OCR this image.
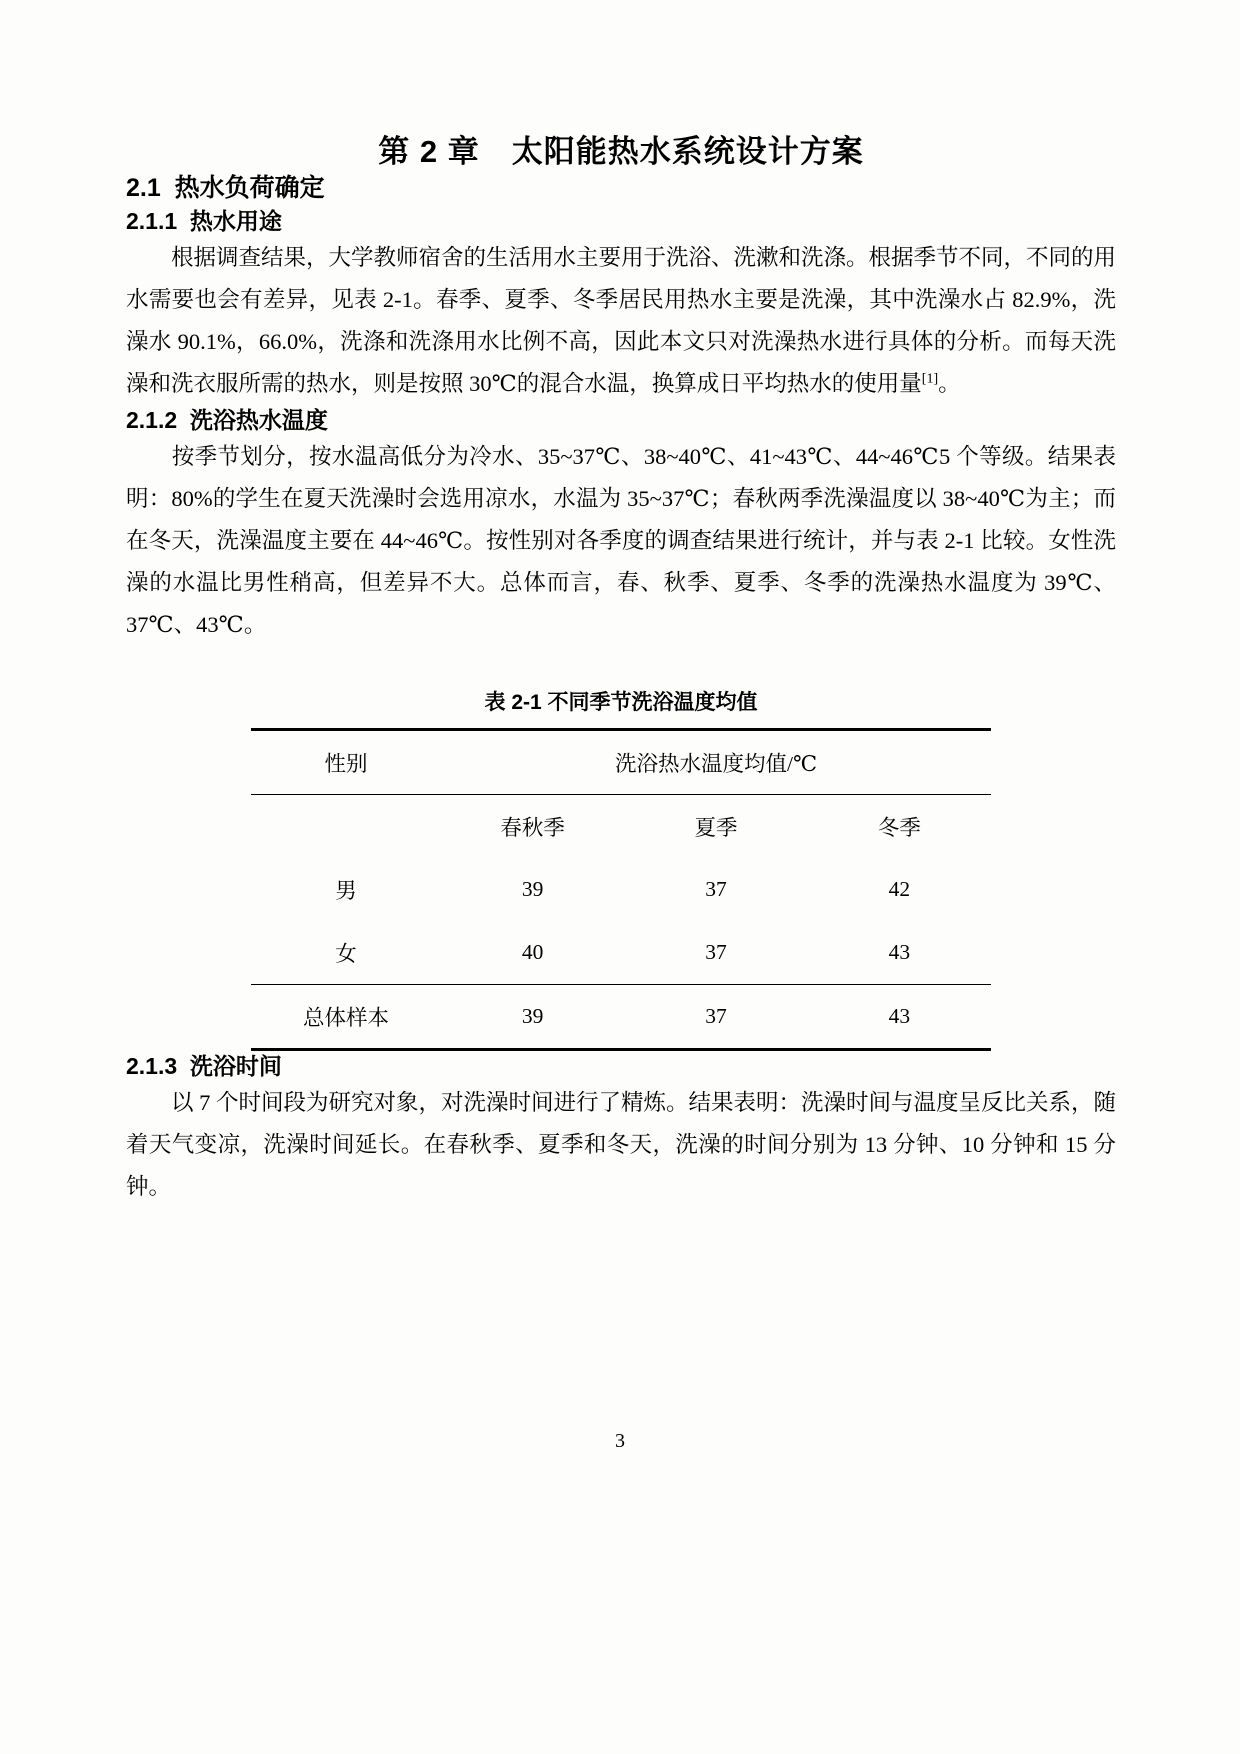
第 2 章　太阳能热水系统设计方案
2.1  热水负荷确定
2.1.1  热水用途

　　根据调查结果，大学教师宿舍的生活用水主要用于洗浴、洗漱和洗涤。根据季节不同，不同的用水需要也会有差异，见表 2-1。春季、夏季、冬季居民用热水主要是洗澡，其中洗澡水占 82.9%，洗澡水 90.1%，66.0%，洗涤和洗涤用水比例不高，因此本文只对洗澡热水进行具体的分析。而每天洗澡和洗衣服所需的热水，则是按照 30℃的混合水温，换算成日平均热水的使用量[1]。

2.1.2  洗浴热水温度

　　按季节划分，按水温高低分为冷水、35~37℃、38~40℃、41~43℃、44~46℃5 个等级。结果表明：80%的学生在夏天洗澡时会选用凉水，水温为 35~37℃；春秋两季洗澡温度以 38~40℃为主；而在冬天，洗澡温度主要在 44~46℃。按性别对各季度的调查结果进行统计，并与表 2-1 比较。女性洗澡的水温比男性稍高，但差异不大。总体而言，春、秋季、夏季、冬季的洗澡热水温度为 39℃、37℃、43℃。

表 2-1 不同季节洗浴温度均值
性别	洗浴热水温度均值/℃		
	春秋季	夏季	冬季
男	39	37	42
女	40	37	43
总体样本	39	37	43
2.1.3  洗浴时间

　　以 7 个时间段为研究对象，对洗澡时间进行了精炼。结果表明：洗澡时间与温度呈反比关系，随着天气变凉，洗澡时间延长。在春秋季、夏季和冬天，洗澡的时间分别为 13 分钟、10 分钟和 15 分钟。

3
